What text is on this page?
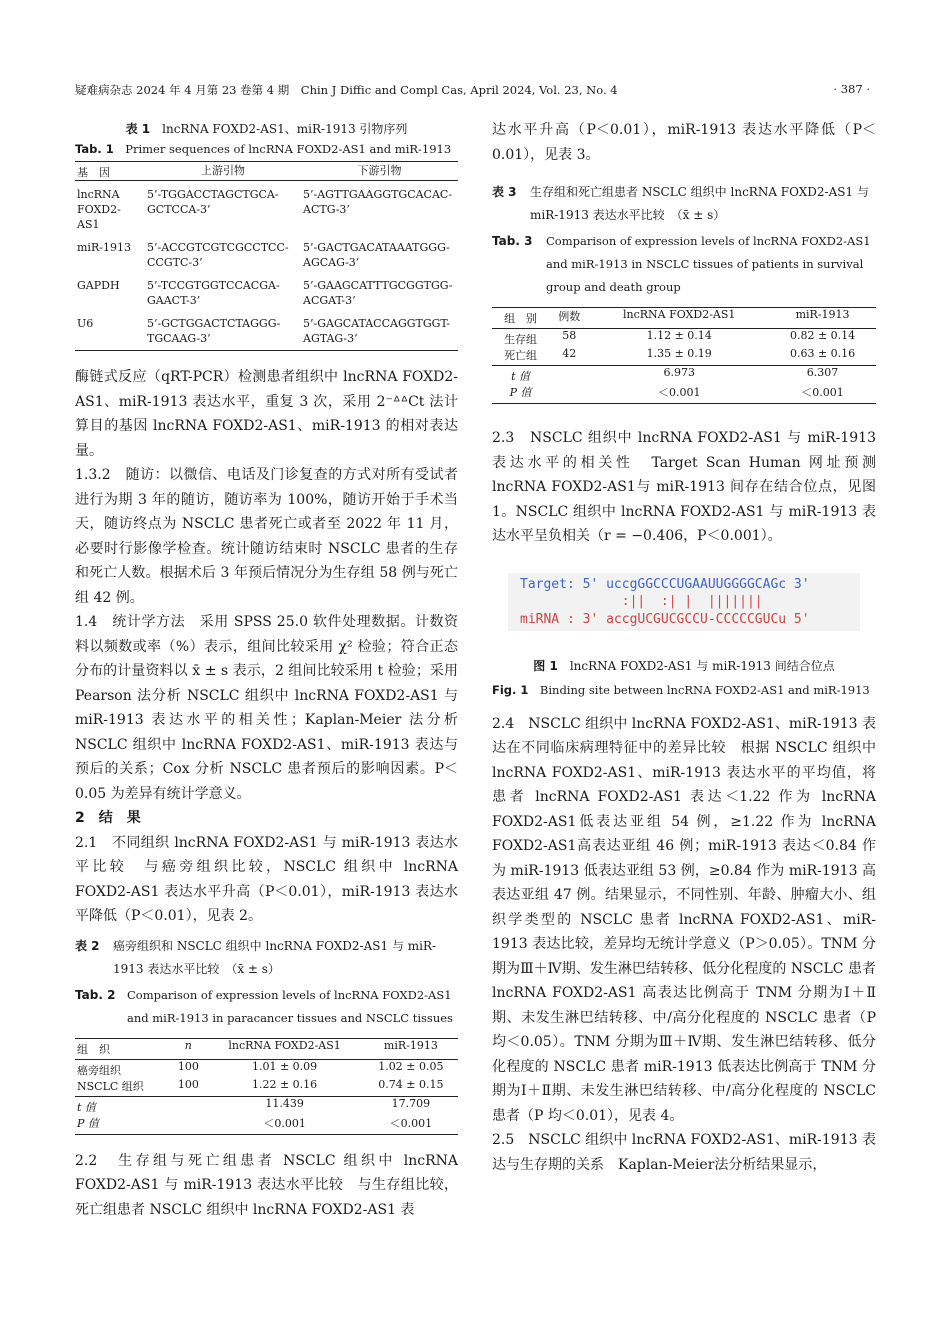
疑难病杂志 2024 年 4 月第 23 卷第 4 期　Chin J Diffic and Compl Cas, April 2024, Vol. 23, No. 4	· 387 ·
表 1　 lncRNA FOXD2-AS1、miR-1913 引物序列
Tab. 1　 Primer sequences of lncRNA FOXD2-AS1 and miR-1913
基　因	上游引物	下游引物
lncRNA FOXD2-AS1	5’-TGGACCTAGCTGCA-GCTCCA-3’	5’-AGTTGAAGGTGCACAC-ACTG-3’
miR-1913	5’-ACCGTCGTCGCCTCC-CCGTC-3’	5’-GACTGACATAAATGGG-AGCAG-3’
GAPDH	5’-TCCGTGGTCCACGA-GAACT-3’	5’-GAAGCATTTGCGGTGG-ACGAT-3’
U6	5’-GCTGGACTCTAGGG-TGCAAG-3’	5’-GAGCATACCAGGTGGT-AGTAG-3’

酶链式反应（qRT-PCR）检测患者组织中 lncRNA FOXD2-AS1、miR-1913 表达水平，重复 3 次，采用 2⁻ᐞᐞCt 法计算目的基因 lncRNA FOXD2-AS1、miR-1913 的相对表达量。

1.3.2　随访：以微信、电话及门诊复查的方式对所有受试者进行为期 3 年的随访，随访率为 100%，随访开始于手术当天，随访终点为 NSCLC 患者死亡或者至 2022 年 11 月，必要时行影像学检查。统计随访结束时 NSCLC 患者的生存和死亡人数。根据术后 3 年预后情况分为生存组 58 例与死亡组 42 例。

1.4　统计学方法　采用 SPSS 25.0 软件处理数据。计数资料以频数或率（%）表示，组间比较采用 χ² 检验；符合正态分布的计量资料以 x̄ ± s 表示，2 组间比较采用 t 检验；采用 Pearson 法分析 NSCLC 组织中 lncRNA FOXD2-AS1 与 miR-1913 表达水平的相关性；Kaplan-Meier 法分析 NSCLC 组织中 lncRNA FOXD2-AS1、miR-1913 表达与预后的关系；Cox 分析 NSCLC 患者预后的影响因素。P＜0.05 为差异有统计学意义。

2　结　果

2.1　不同组织 lncRNA FOXD2-AS1 与 miR-1913 表达水平比较　与癌旁组织比较，NSCLC 组织中 lncRNA FOXD2-AS1 表达水平升高（P＜0.01），miR-1913 表达水平降低（P＜0.01），见表 2。

表 2 癌旁组织和 NSCLC 组织中 lncRNA FOXD2-AS1 与 miR-1913 表达水平比较　（x̄ ± s）
Tab. 2 Comparison of expression levels of lncRNA FOXD2-AS1 and miR-1913 in paracancer tissues and NSCLC tissues
组　织	n	lncRNA FOXD2-AS1	miR-1913
癌旁组织	100	1.01 ± 0.09	1.02 ± 0.05
NSCLC 组织	100	1.22 ± 0.16	0.74 ± 0.15
t 值		11.439	17.709
P 值		＜0.001	＜0.001

2.2　生存组与死亡组患者 NSCLC 组织中 lncRNA FOXD2-AS1 与 miR-1913 表达水平比较　与生存组比较，死亡组患者 NSCLC 组织中 lncRNA FOXD2-AS1 表

达水平升高（P＜0.01），miR-1913 表达水平降低（P＜0.01），见表 3。

表 3 生存组和死亡组患者 NSCLC 组织中 lncRNA FOXD2-AS1 与 miR-1913 表达水平比较　（x̄ ± s）
Tab. 3 Comparison of expression levels of lncRNA FOXD2-AS1 and miR-1913 in NSCLC tissues of patients in survival group and death group
组　别	例数	lncRNA FOXD2-AS1	miR-1913
生存组	58	1.12 ± 0.14	0.82 ± 0.14
死亡组	42	1.35 ± 0.19	0.63 ± 0.16
t 值		6.973	6.307
P 值		＜0.001	＜0.001

2.3　NSCLC 组织中 lncRNA FOXD2-AS1 与 miR-1913 表达水平的相关性　Target Scan Human 网址预测 lncRNA FOXD2-AS1与 miR-1913 间存在结合位点，见图 1。NSCLC 组织中 lncRNA FOXD2-AS1 与 miR-1913 表达水平呈负相关（r = −0.406，P＜0.001）。

Target: 5' uccgGGCCCUGAAUUGGGGCAGc 3'
:||  :| |  |||||||
miRNA : 3' accgUCGUCGCCU-CCCCCGUCu 5'
图 1　 lncRNA FOXD2-AS1 与 miR-1913 间结合位点
Fig. 1　 Binding site between lncRNA FOXD2-AS1 and miR-1913

2.4　NSCLC 组织中 lncRNA FOXD2-AS1、miR-1913 表达在不同临床病理特征中的差异比较　根据 NSCLC 组织中 lncRNA FOXD2-AS1、miR-1913 表达水平的平均值，将患者 lncRNA FOXD2-AS1 表达＜1.22 作为 lncRNA FOXD2-AS1低表达亚组 54 例，≥1.22 作为 lncRNA FOXD2-AS1高表达亚组 46 例；miR-1913 表达＜0.84 作为 miR-1913 低表达亚组 53 例，≥0.84 作为 miR-1913 高表达亚组 47 例。结果显示，不同性别、年龄、肿瘤大小、组织学类型的 NSCLC 患者 lncRNA FOXD2-AS1、miR-1913 表达比较，差异均无统计学意义（P＞0.05）。TNM 分期为Ⅲ＋Ⅳ期、发生淋巴结转移、低分化程度的 NSCLC 患者 lncRNA FOXD2-AS1 高表达比例高于 TNM 分期为Ⅰ＋Ⅱ期、未发生淋巴结转移、中/高分化程度的 NSCLC 患者（P 均＜0.05）。TNM 分期为Ⅲ＋Ⅳ期、发生淋巴结转移、低分化程度的 NSCLC 患者 miR-1913 低表达比例高于 TNM 分期为Ⅰ＋Ⅱ期、未发生淋巴结转移、中/高分化程度的 NSCLC 患者（P 均＜0.01），见表 4。

2.5　NSCLC 组织中 lncRNA FOXD2-AS1、miR-1913 表达与生存期的关系　Kaplan-Meier法分析结果显示，
